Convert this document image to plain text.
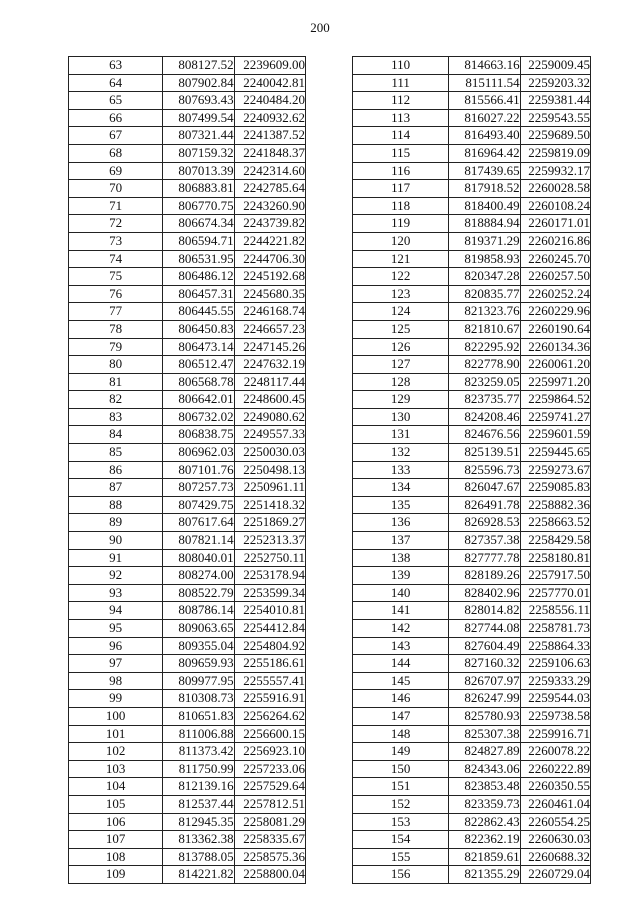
200
63	808127.52	2239609.00
64	807902.84	2240042.81
65	807693.43	2240484.20
66	807499.54	2240932.62
67	807321.44	2241387.52
68	807159.32	2241848.37
69	807013.39	2242314.60
70	806883.81	2242785.64
71	806770.75	2243260.90
72	806674.34	2243739.82
73	806594.71	2244221.82
74	806531.95	2244706.30
75	806486.12	2245192.68
76	806457.31	2245680.35
77	806445.55	2246168.74
78	806450.83	2246657.23
79	806473.14	2247145.26
80	806512.47	2247632.19
81	806568.78	2248117.44
82	806642.01	2248600.45
83	806732.02	2249080.62
84	806838.75	2249557.33
85	806962.03	2250030.03
86	807101.76	2250498.13
87	807257.73	2250961.11
88	807429.75	2251418.32
89	807617.64	2251869.27
90	807821.14	2252313.37
91	808040.01	2252750.11
92	808274.00	2253178.94
93	808522.79	2253599.34
94	808786.14	2254010.81
95	809063.65	2254412.84
96	809355.04	2254804.92
97	809659.93	2255186.61
98	809977.95	2255557.41
99	810308.73	2255916.91
100	810651.83	2256264.62
101	811006.88	2256600.15
102	811373.42	2256923.10
103	811750.99	2257233.06
104	812139.16	2257529.64
105	812537.44	2257812.51
106	812945.35	2258081.29
107	813362.38	2258335.67
108	813788.05	2258575.36
109	814221.82	2258800.04
110	814663.16	2259009.45
111	815111.54	2259203.32
112	815566.41	2259381.44
113	816027.22	2259543.55
114	816493.40	2259689.50
115	816964.42	2259819.09
116	817439.65	2259932.17
117	817918.52	2260028.58
118	818400.49	2260108.24
119	818884.94	2260171.01
120	819371.29	2260216.86
121	819858.93	2260245.70
122	820347.28	2260257.50
123	820835.77	2260252.24
124	821323.76	2260229.96
125	821810.67	2260190.64
126	822295.92	2260134.36
127	822778.90	2260061.20
128	823259.05	2259971.20
129	823735.77	2259864.52
130	824208.46	2259741.27
131	824676.56	2259601.59
132	825139.51	2259445.65
133	825596.73	2259273.67
134	826047.67	2259085.83
135	826491.78	2258882.36
136	826928.53	2258663.52
137	827357.38	2258429.58
138	827777.78	2258180.81
139	828189.26	2257917.50
140	828402.96	2257770.01
141	828014.82	2258556.11
142	827744.08	2258781.73
143	827604.49	2258864.33
144	827160.32	2259106.63
145	826707.97	2259333.29
146	826247.99	2259544.03
147	825780.93	2259738.58
148	825307.38	2259916.71
149	824827.89	2260078.22
150	824343.06	2260222.89
151	823853.48	2260350.55
152	823359.73	2260461.04
153	822862.43	2260554.25
154	822362.19	2260630.03
155	821859.61	2260688.32
156	821355.29	2260729.04
